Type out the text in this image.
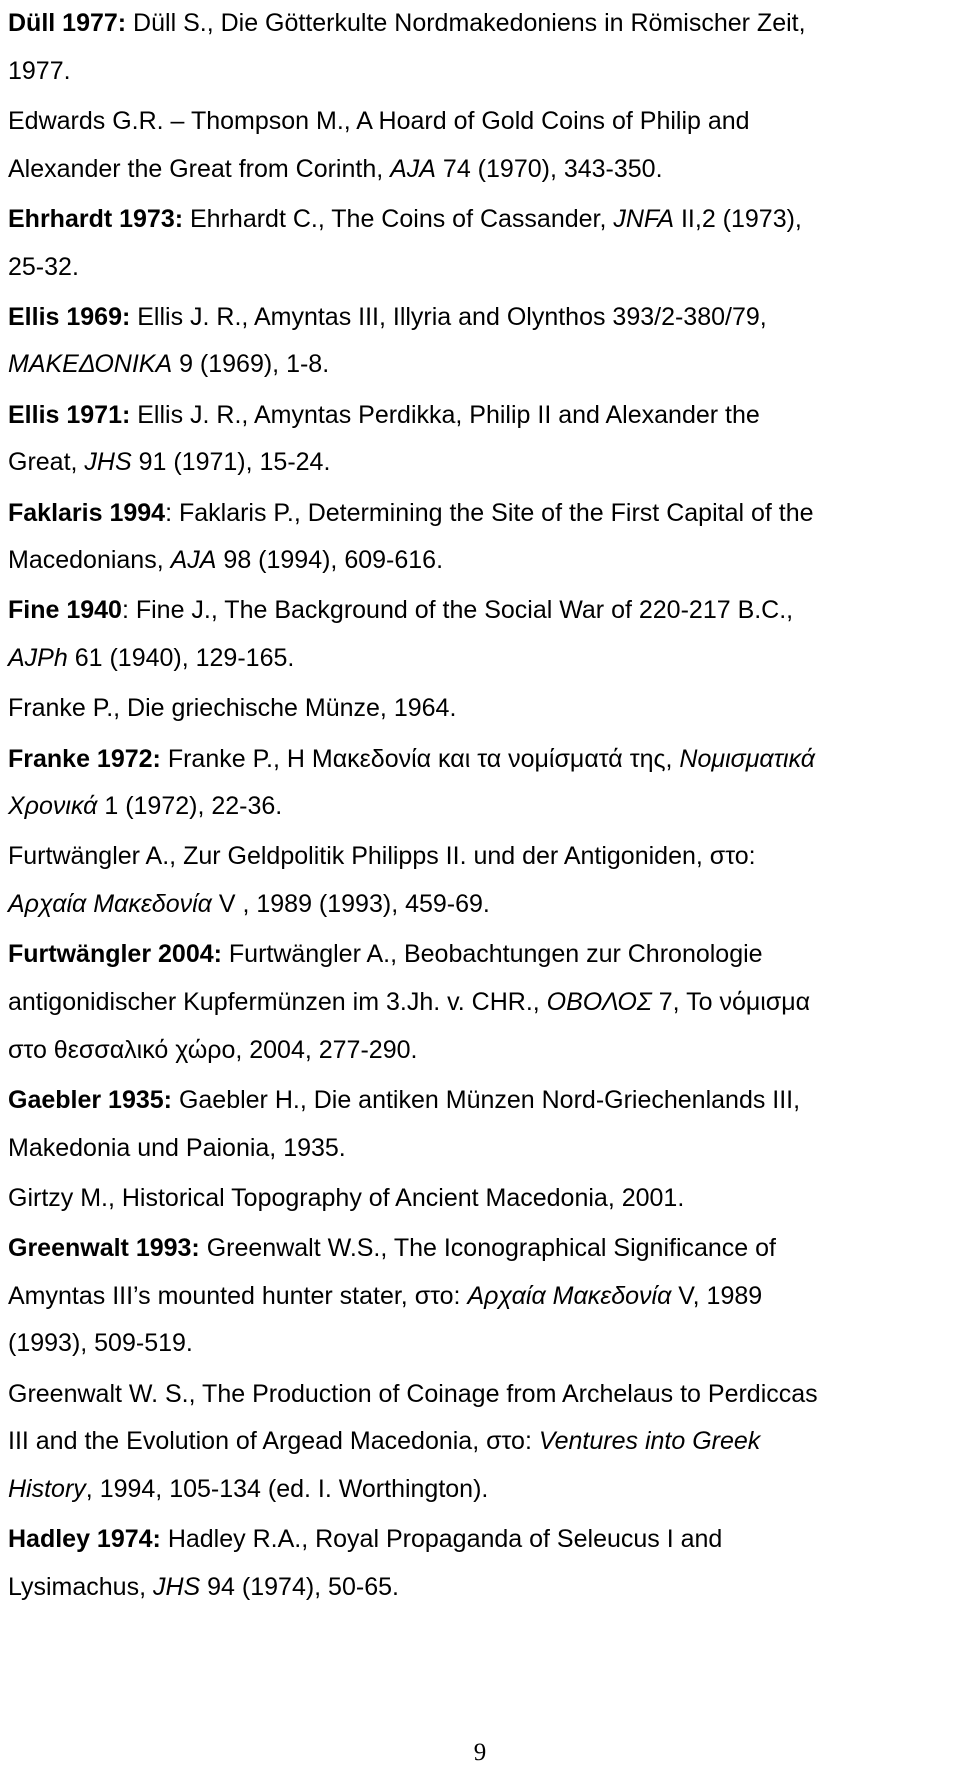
Düll 1977: Düll S., Die Götterkulte Nordmakedoniens in Römischer Zeit,
1977.
Edwards G.R. – Thompson M., A Hoard of Gold Coins of Philip and
Alexander the Great from Corinth, AJA 74 (1970), 343-350.
Ehrhardt 1973: Ehrhardt C., The Coins of Cassander, JNFA II,2 (1973),
25-32.
Ellis 1969: Ellis J. R., Amyntas III, Illyria and Olynthos 393/2-380/79,
ΜΑΚΕΔΟΝΙΚΑ 9 (1969), 1-8.
Ellis 1971: Ellis J. R., Amyntas Perdikka, Philip II and Alexander the
Great, JHS 91 (1971), 15-24.
Faklaris 1994: Faklaris P., Determining the Site of the First Capital of the
Macedonians, AJA 98 (1994), 609-616.
Fine 1940: Fine J., The Background of the Social War of 220-217 B.C.,
AJPh 61 (1940), 129-165.
Franke P., Die griechische Münze, 1964.
Franke 1972: Franke P., Η Μακεδονία και τα νομίσματά της, Νομισματικά
Χρονικά 1 (1972), 22-36.
Furtwängler A., Zur Geldpolitik Philipps II. und der Antigoniden, στο:
Αρχαία Μακεδονία V , 1989 (1993), 459-69.
Furtwängler 2004: Furtwängler A., Beobachtungen zur Chronologie
antigonidischer Kupfermünzen im 3.Jh. v. CHR., ΟΒΟΛΟΣ 7, Το νόμισμα
στο θεσσαλικό χώρο, 2004, 277-290.
Gaebler 1935: Gaebler H., Die antiken Münzen Nord-Griechenlands III,
Makedonia und Paionia, 1935.
Girtzy M., Historical Topography of Ancient Macedonia, 2001.
Greenwalt 1993: Greenwalt W.S., The Iconographical Significance of
Amyntas III’s mounted hunter stater, στο: Αρχαία Μακεδονία V, 1989
(1993), 509-519.
Greenwalt W. S., The Production of Coinage from Archelaus to Perdiccas
III and the Evolution of Argead Macedonia, στο: Ventures into Greek
History, 1994, 105-134 (ed. I. Worthington).
Hadley 1974: Hadley R.A., Royal Propaganda of Seleucus I and
Lysimachus, JHS 94 (1974), 50-65.
9
